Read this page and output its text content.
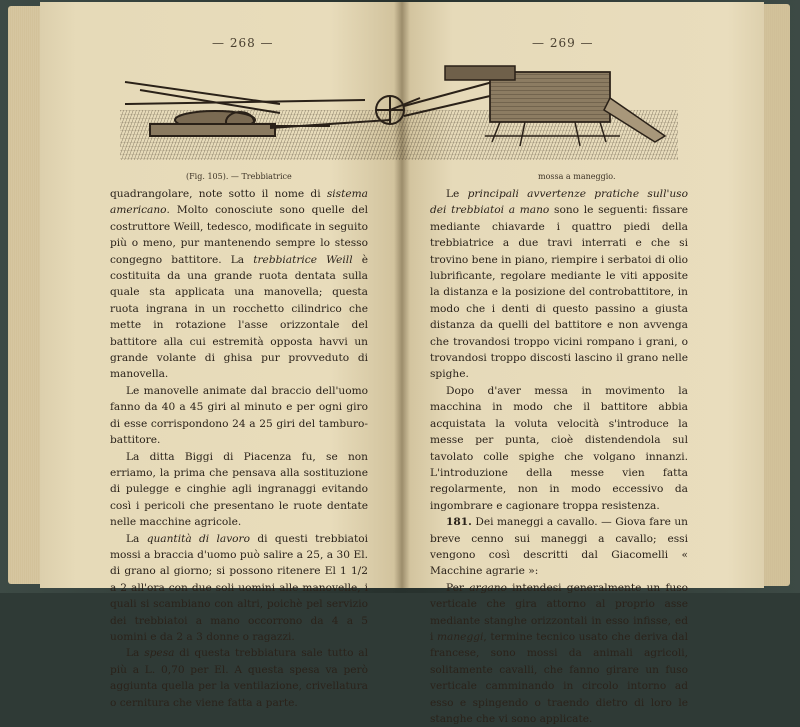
— 268 —	— 269 —
(Fig. 105). — Trebbiatrice	mossa a maneggio.

quadrangolare, note sotto il nome di sistema americano. Molto conosciute sono quelle del costruttore Weill, tedesco, modificate in seguito più o meno, pur mantenendo sempre lo stesso congegno battitore. La trebbiatrice Weill è costituita da una grande ruota dentata sulla quale sta applicata una manovella; questa ruota ingrana in un rocchetto cilindrico che mette in rotazione l'asse orizzontale del battitore alla cui estremità opposta havvi un grande volante di ghisa pur provveduto di manovella.

Le manovelle animate dal braccio dell'uomo fanno da 40 a 45 giri al minuto e per ogni giro di esse corrispondono 24 a 25 giri del tamburo-battitore.

La ditta Biggi di Piacenza fu, se non erriamo, la prima che pensava alla sostituzione di pulegge e cinghie agli ingranaggi evitando così i pericoli che presentano le ruote dentate nelle macchine agricole.

La quantità di lavoro di questi trebbiatoi mossi a braccia d'uomo può salire a 25, a 30 El. di grano al giorno; si possono ritenere El 1 1/2 a 2 all'ora con due soli uomini alle manovelle, i quali si scambiano con altri, poichè pel servizio dei trebbiatoi a mano occorrono da 4 a 5 uomini e da 2 a 3 donne o ragazzi.

La spesa di questa trebbiatura sale tutto al più a L. 0,70 per El. A questa spesa va però aggiunta quella per la ventilazione, crivellatura o cernitura che viene fatta a parte.

Le principali avvertenze pratiche sull'uso dei trebbiatoi a mano sono le seguenti: fissare mediante chiavarde i quattro piedi della trebbiatrice a due travi interrati e che si trovino bene in piano, riempire i serbatoi di olio lubrificante, regolare mediante le viti apposite la distanza e la posizione del controbattitore, in modo che i denti di questo passino a giusta distanza da quelli del battitore e non avvenga che trovandosi troppo vicini rompano i grani, o trovandosi troppo discosti lascino il grano nelle spighe.

Dopo d'aver messa in movimento la macchina in modo che il battitore abbia acquistata la voluta velocità s'introduce la messe per punta, cioè distendendola sul tavolato colle spighe che volgano innanzi. L'introduzione della messe vien fatta regolarmente, non in modo eccessivo da ingombrare e cagionare troppa resistenza.

181. Dei maneggi a cavallo. — Giova fare un breve cenno sui maneggi a cavallo; essi vengono così descritti dal Giacomelli « Macchine agrarie »:

Per argano intendesi generalmente un fuso verticale che gira attorno al proprio asse mediante stanghe orizzontali in esso infisse, ed i maneggi, termine tecnico usato che deriva dal francese, sono mossi da animali agricoli, solitamente cavalli, che fanno girare un fuso verticale camminando in circolo intorno ad esso e spingendo o traendo dietro di loro le stanghe che vi sono applicate.
